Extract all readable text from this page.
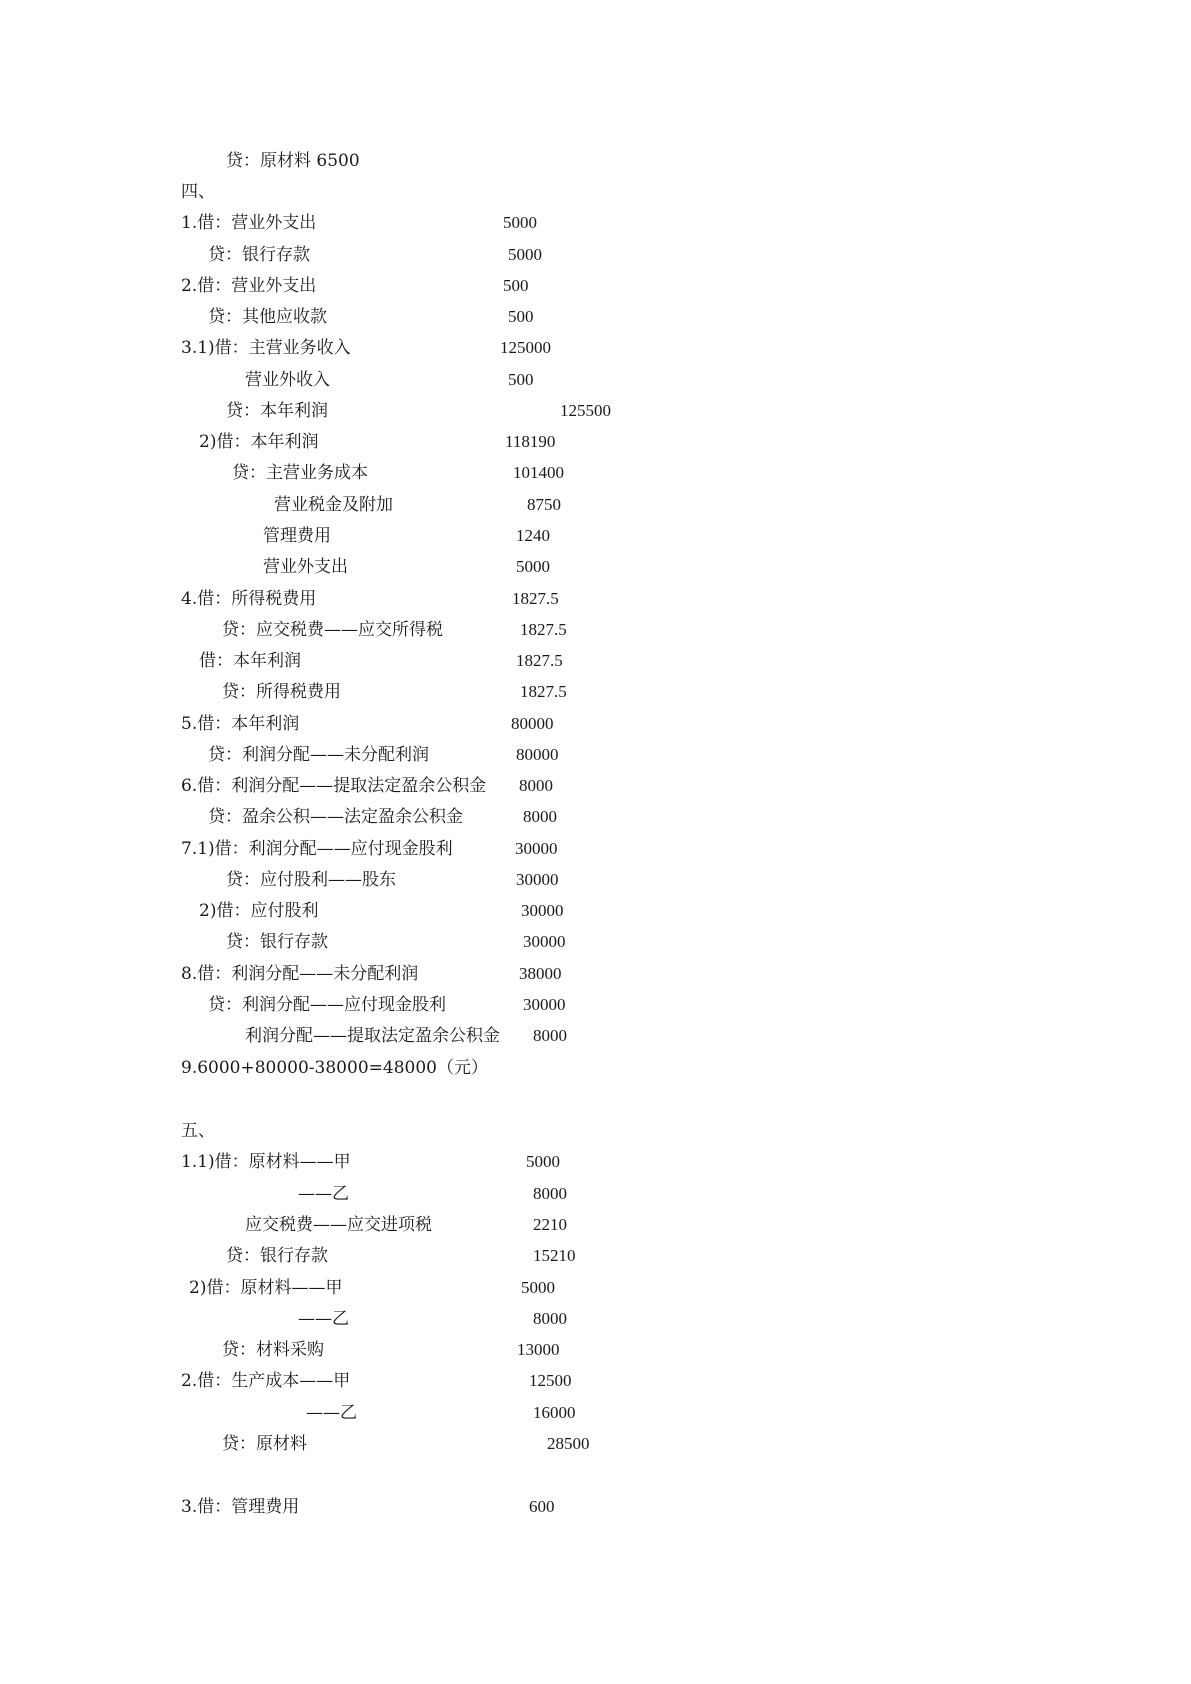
贷：原材料 6500
四、
1.借：营业外支出	5000
贷：银行存款	5000
2.借：营业外支出	500
贷：其他应收款	500
3.1)借：主营业务收入	125000
营业外收入	500
贷：本年利润	125500
2)借：本年利润	118190
贷：主营业务成本	101400
营业税金及附加	8750
管理费用	1240
营业外支出	5000
4.借：所得税费用	1827.5
贷：应交税费——应交所得税	1827.5
借：本年利润	1827.5
贷：所得税费用	1827.5
5.借：本年利润	80000
贷：利润分配——未分配利润	80000
6.借：利润分配——提取法定盈余公积金 8000
贷：盈余公积——法定盈余公积金	8000
7.1)借：利润分配——应付现金股利	30000
贷：应付股利——股东	30000
2)借：应付股利	30000
贷：银行存款	30000
8.借：利润分配——未分配利润	38000
贷：利润分配——应付现金股利	30000
利润分配——提取法定盈余公积金 8000
9.6000+80000-38000=48000（元）
五、
1.1)借：原材料——甲	5000
——乙	8000
应交税费——应交进项税	2210
贷：银行存款	15210
2)借：原材料——甲	5000
——乙	8000
贷：材料采购	13000
2.借：生产成本——甲	12500
——乙	16000
贷：原材料	28500
3.借：管理费用	600
